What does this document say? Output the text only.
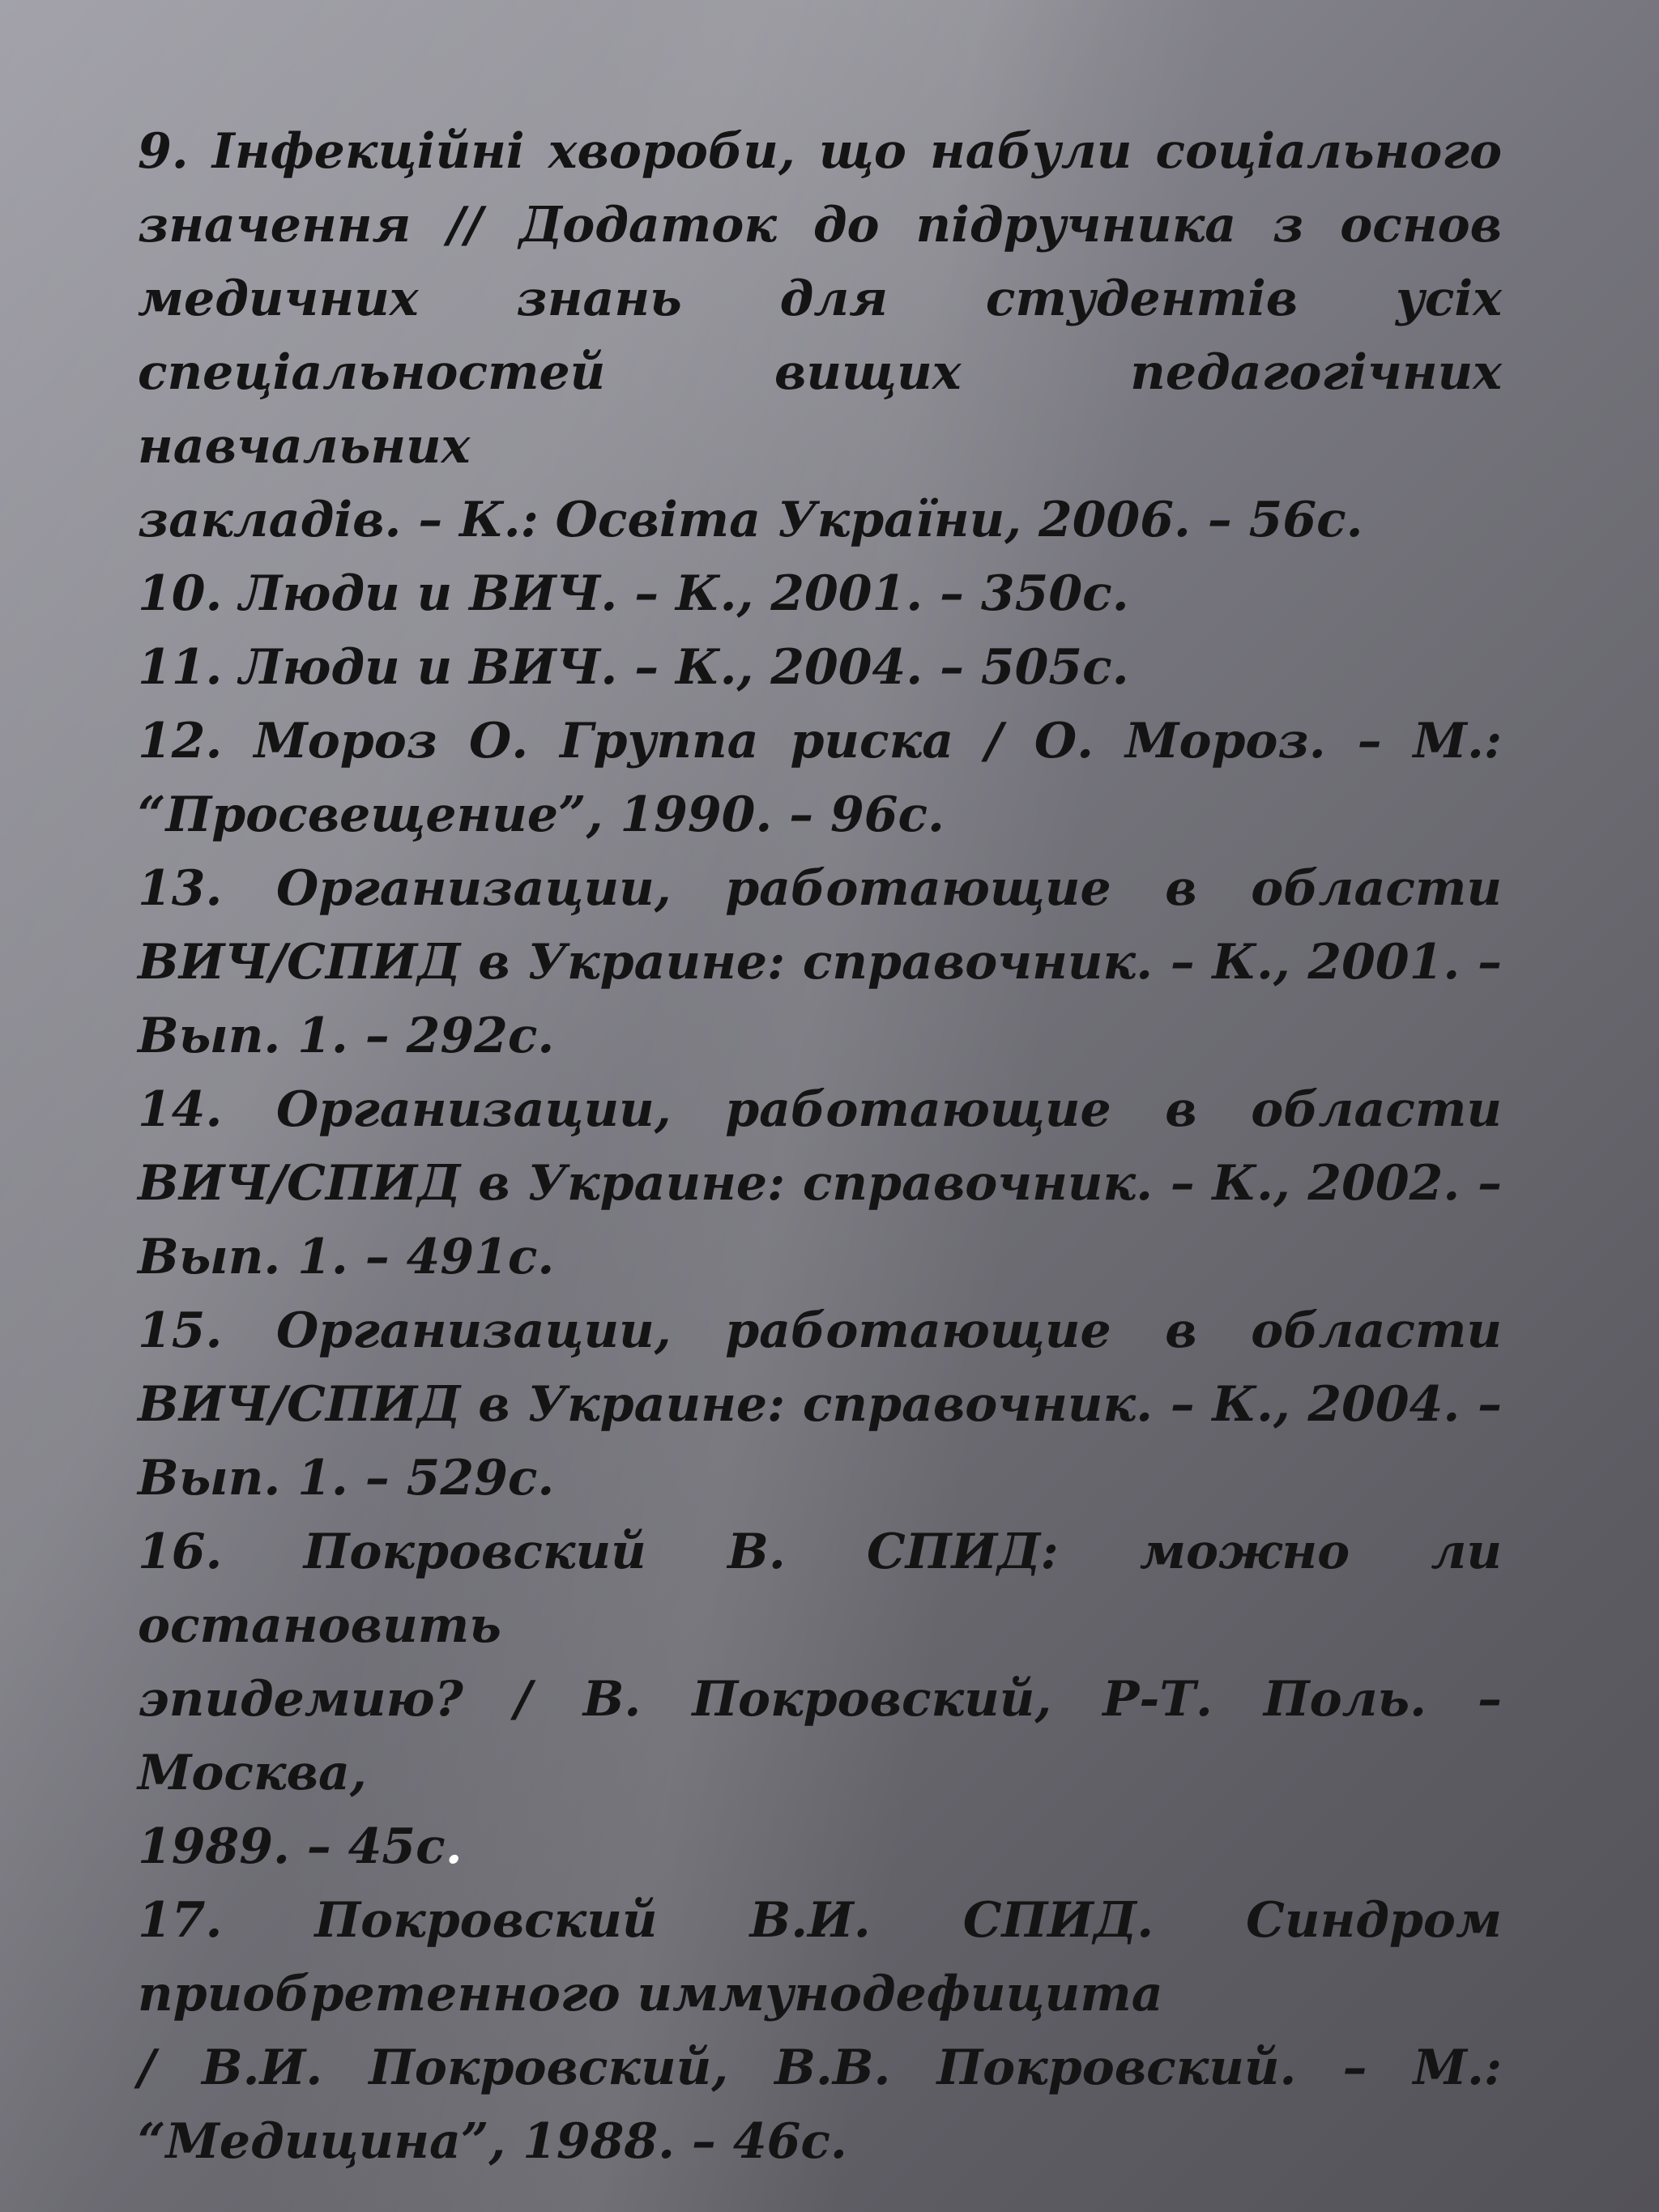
9. Інфекційні хвороби, що набули соціального
значення // Додаток до підручника з основ
медичних знань для студентів усіх
спеціальностей вищих педагогічних навчальних
закладів. – К.: Освіта України, 2006. – 56с.

10. Люди и ВИЧ. – К., 2001. – 350с.

11. Люди и ВИЧ. – К., 2004. – 505с.

12. Мороз О. Группа риска / О. Мороз. – М.:
“Просвещение”, 1990. – 96с.

13. Организации, работающие в области
ВИЧ/СПИД в Украине: справочник. – К., 2001. –
Вып. 1. – 292с.

14. Организации, работающие в области
ВИЧ/СПИД в Украине: справочник. – К., 2002. –
Вып. 1. – 491с.

15. Организации, работающие в области
ВИЧ/СПИД в Украине: справочник. – К., 2004. –
Вып. 1. – 529с.

16. Покровский В. СПИД: можно ли остановить
эпидемию? / В. Покровский, Р-Т. Поль. – Москва,
1989. – 45с.

17. Покровский В.И. СПИД. Синдром
приобретенного иммунодефицита
/ В.И. Покровский, В.В. Покровский. – М.:
“Медицина”, 1988. – 46с.
